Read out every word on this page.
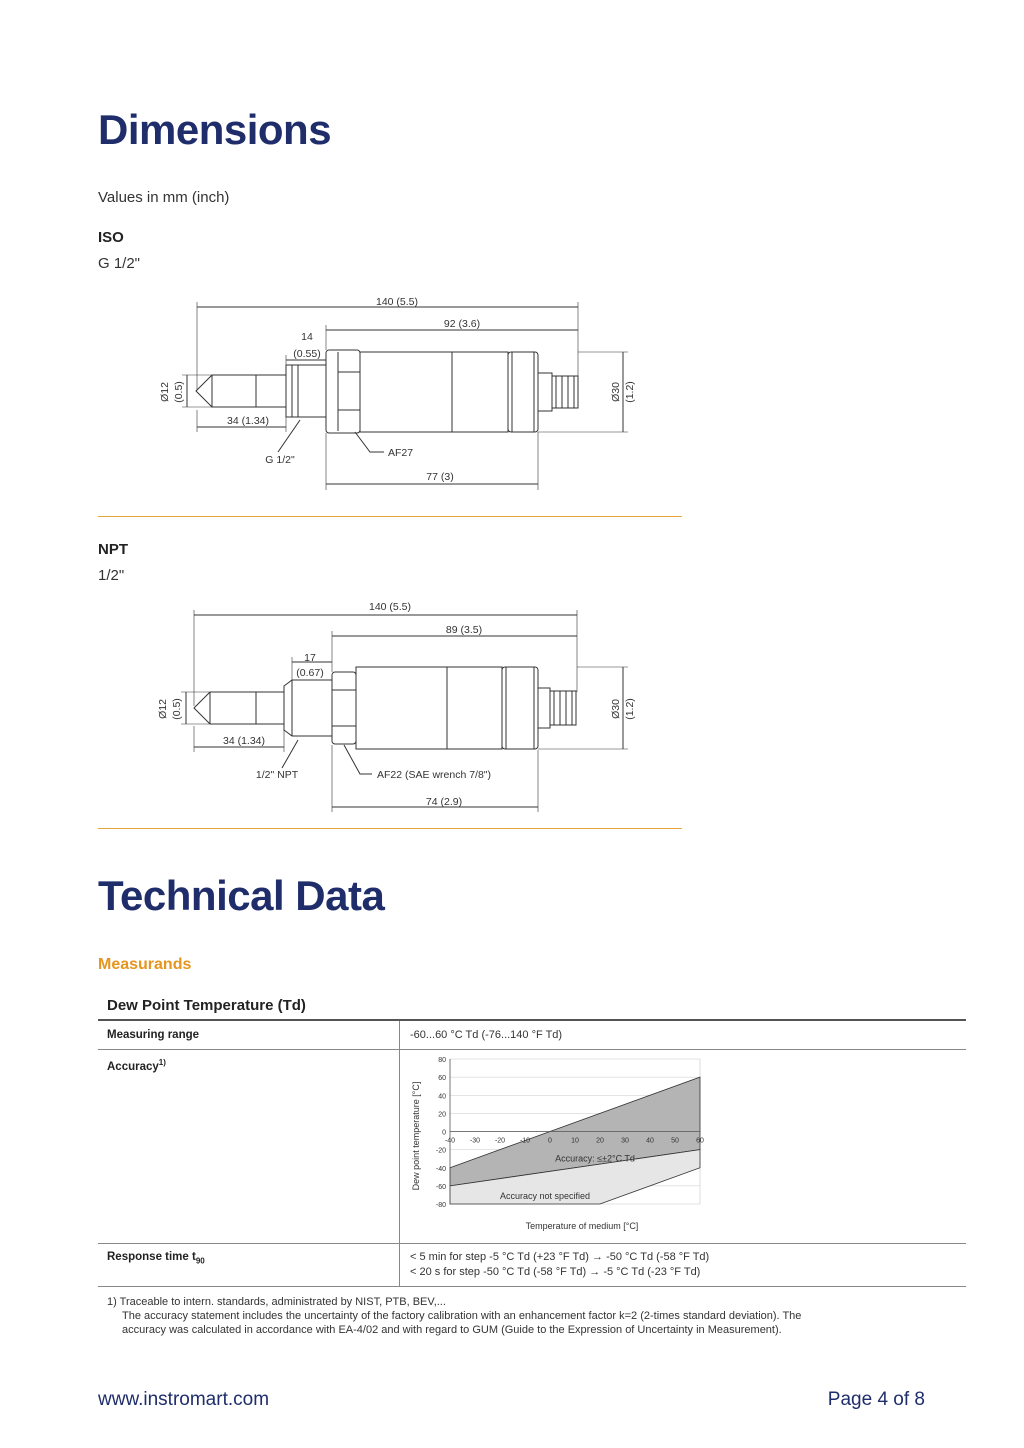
Dimensions
Values in mm (inch)
ISO
G 1/2"
140 (5.5)
92 (3.6)
14
(0.55)
Ø12 (0.5)	Ø30 (1.2)
34 (1.34)
G 1/2"
AF27
77 (3)
NPT
1/2"
140 (5.5)
89 (3.5)
17
(0.67)
Ø12 (0.5)	Ø30 (1.2)
34 (1.34)
1/2" NPT	AF22 (SAE wrench 7/8")
74 (2.9)
Technical Data
Measurands
Dew Point Temperature (Td)
Measuring range	-60...60 °C Td (-76...140 °F Td)
Accuracy$^{1)}$	80
60
40
20
0
-20
-40
-60
-80
-40 -30 -20 -10	0	10 20 30 40 50 60
Accuracy: ≤±2°C Td
Accuracy not specified
Temperature of medium [°C]
Dew point temperature [°C]
Response time $t_{90}$	< 5 min for step -5 °C Td (+23 °F Td) → -50 °C Td (-58 °F Td)
< 20 s for step -50 °C Td (-58 °F Td) → -5 °C Td (-23 °F Td)
1) Traceable to intern. standards, administrated by NIST, PTB, BEV,...
The accuracy statement includes the uncertainty of the factory calibration with an enhancement factor k=2 (2-times standard deviation). The
accuracy was calculated in accordance with EA-4/02 and with regard to GUM (Guide to the Expression of Uncertainty in Measurement).
www.instromart.com	Page 4 of 8
